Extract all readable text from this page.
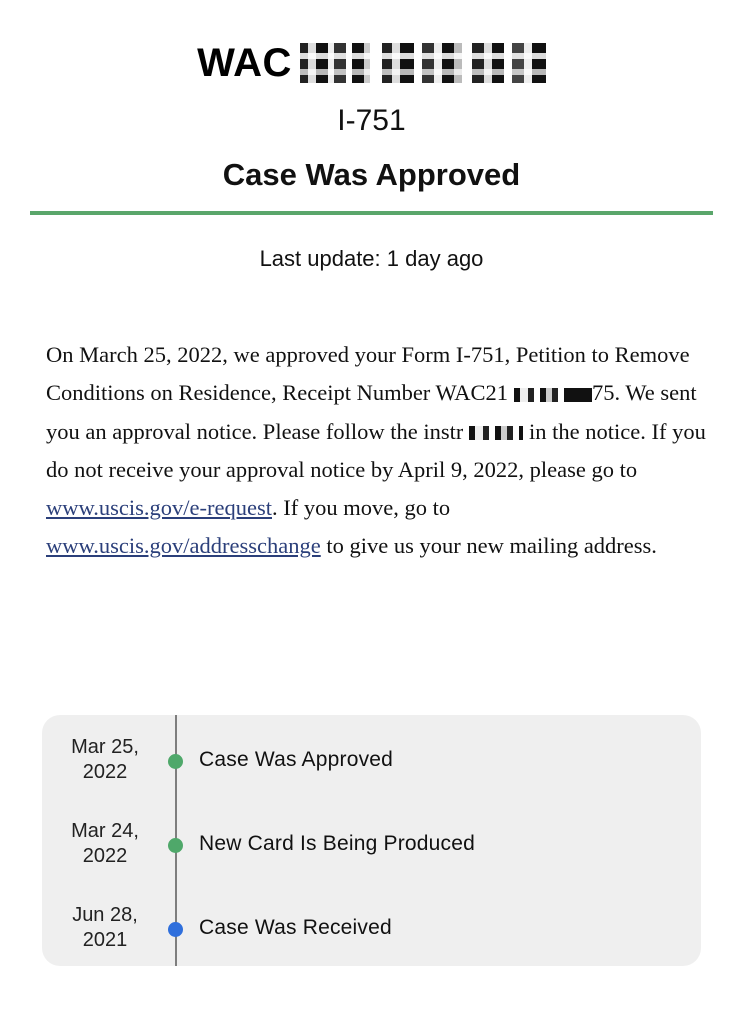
WAC
I-751
Case Was Approved
Last update: 1 day ago
On March 25, 2022, we approved your Form I-751, Petition to Remove Conditions on Residence, Receipt Number WAC21	75. We sent you an approval notice. Please follow the instr	in the notice. If you do not receive your approval notice by April 9, 2022, please go to www.uscis.gov/e-request. If you move, go to www.uscis.gov/addresschange to give us your new mailing address.
Mar 25,
2022
Case Was Approved
Mar 24,
2022
New Card Is Being Produced
Jun 28,
2021
Case Was Received
